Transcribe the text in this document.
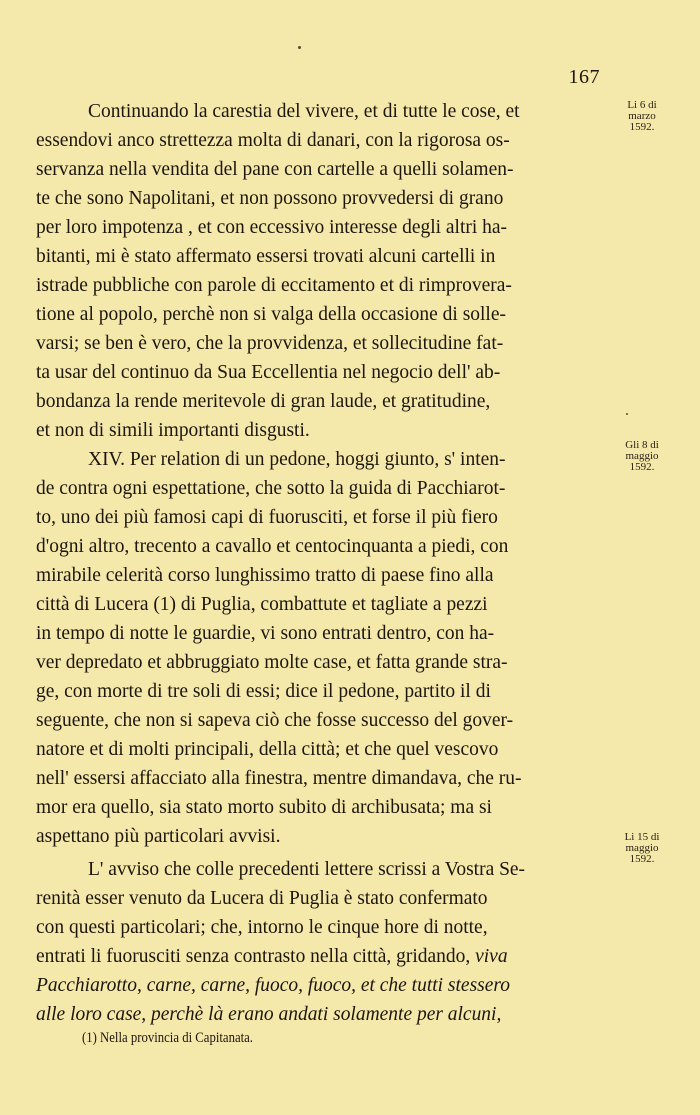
167
Continuando la carestia del vivere, et di tutte le cose, et
essendovi anco strettezza molta di danari, con la rigorosa os-
servanza nella vendita del pane con cartelle a quelli solamen-
te che sono Napolitani, et non possono provvedersi di grano
per loro impotenza , et con eccessivo interesse degli altri ha-
bitanti, mi è stato affermato essersi trovati alcuni cartelli in
istrade pubbliche con parole di eccitamento et di rimprovera-
tione al popolo, perchè non si valga della occasione di solle-
varsi; se ben è vero, che la provvidenza, et sollecitudine fat-
ta usar del continuo da Sua Eccellentia nel negocio dell' ab-
bondanza la rende meritevole di gran laude, et gratitudine,
et non di simili importanti disgusti.
XIV. Per relation di un pedone, hoggi giunto, s' inten-
de contra ogni espettatione, che sotto la guida di Pacchiarot-
to, uno dei più famosi capi di fuorusciti, et forse il più fiero
d'ogni altro, trecento a cavallo et centocinquanta a piedi, con
mirabile celerità corso lunghissimo tratto di paese fino alla
città di Lucera (1) di Puglia, combattute et tagliate a pezzi
in tempo di notte le guardie, vi sono entrati dentro, con ha-
ver depredato et abbruggiato molte case, et fatta grande stra-
ge, con morte di tre soli di essi; dice il pedone, partito il di
seguente, che non si sapeva ciò che fosse successo del gover-
natore et di molti principali, della città; et che quel vescovo
nell' essersi affacciato alla finestra, mentre dimandava, che ru-
mor era quello, sia stato morto subito di archibusata; ma si
aspettano più particolari avvisi.
L' avviso che colle precedenti lettere scrissi a Vostra Se-
renità esser venuto da Lucera di Puglia è stato confermato
con questi particolari; che, intorno le cinque hore di notte,
entrati li fuorusciti senza contrasto nella città, gridando, viva
Pacchiarotto, carne, carne, fuoco, fuoco, et che tutti stessero
alle loro case, perchè là erano andati solamente per alcuni,
Li 6 di
marzo
1592.
Gli 8 di
maggio
1592.
Li 15 di
maggio
1592.
(1) Nella provincia di Capitanata.
